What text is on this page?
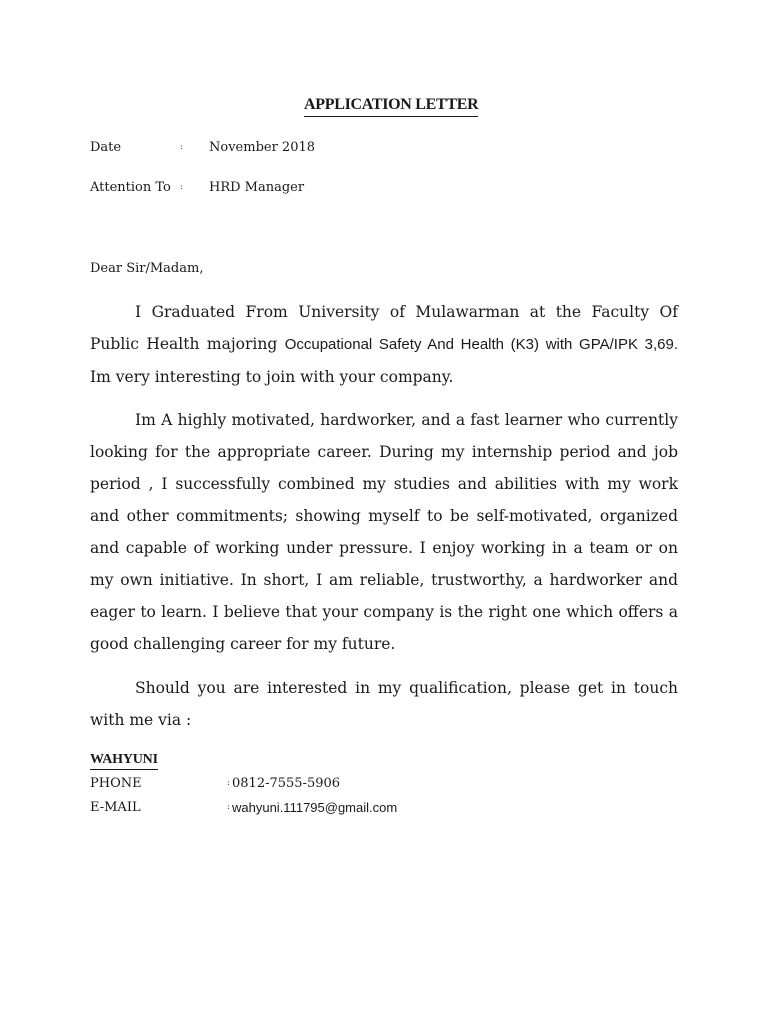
APPLICATION LETTER
Date	: November 2018
Attention To : HRD Manager
Dear Sir/Madam,

I Graduated From University of Mulawarman at the Faculty Of Public Health majoring Occupational Safety And Health (K3) with GPA/IPK 3,69. Im very interesting to join with your company.

Im A highly motivated, hardworker, and a fast learner who currently looking for the appropriate career. During my internship period and job period , I successfully combined my studies and abilities with my work and other commitments; showing myself to be self-motivated, organized and capable of working under pressure. I enjoy working in a team or on my own initiative. In short, I am reliable, trustworthy, a hardworker and eager to learn. I believe that your company is the right one which offers a good challenging career for my future.

Should you are interested in my qualification, please get in touch with me via :

WAHYUNI
PHONE	: 0812-7555-5906
E-MAIL	: wahyuni.111795@gmail.com
